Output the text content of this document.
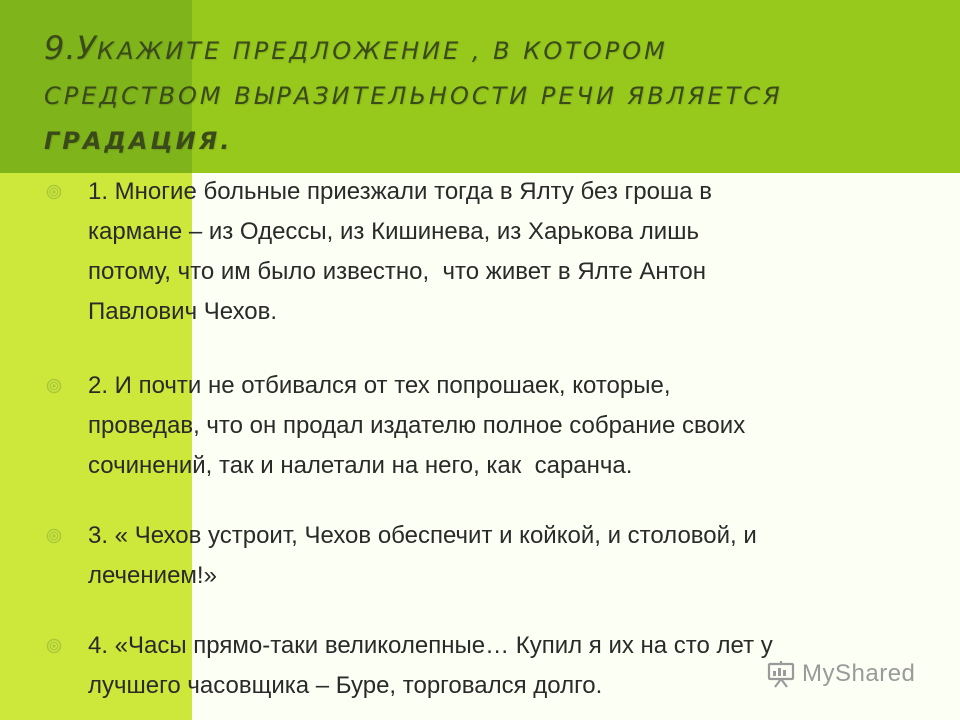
9.УКАЖИТЕ ПРЕДЛОЖЕНИЕ , В КОТОРОМ
СРЕДСТВОМ ВЫРАЗИТЕЛЬНОСТИ РЕЧИ ЯВЛЯЕТСЯ
ГРАДАЦИЯ.
1. Многие больные приезжали тогда в Ялту без гроша в
кармане – из Одессы, из Кишинева, из Харькова лишь
потому, что им было известно,  что живет в Ялте Антон
Павлович Чехов.
2. И почти не отбивался от тех попрошаек, которые,
проведав, что он продал издателю полное собрание своих
сочинений, так и налетали на него, как  саранча.
3. « Чехов устроит, Чехов обеспечит и койкой, и столовой, и
лечением!»
4. «Часы прямо-таки великолепные… Купил я их на сто лет у
лучшего часовщика – Буре, торговался долго.	MyShared
